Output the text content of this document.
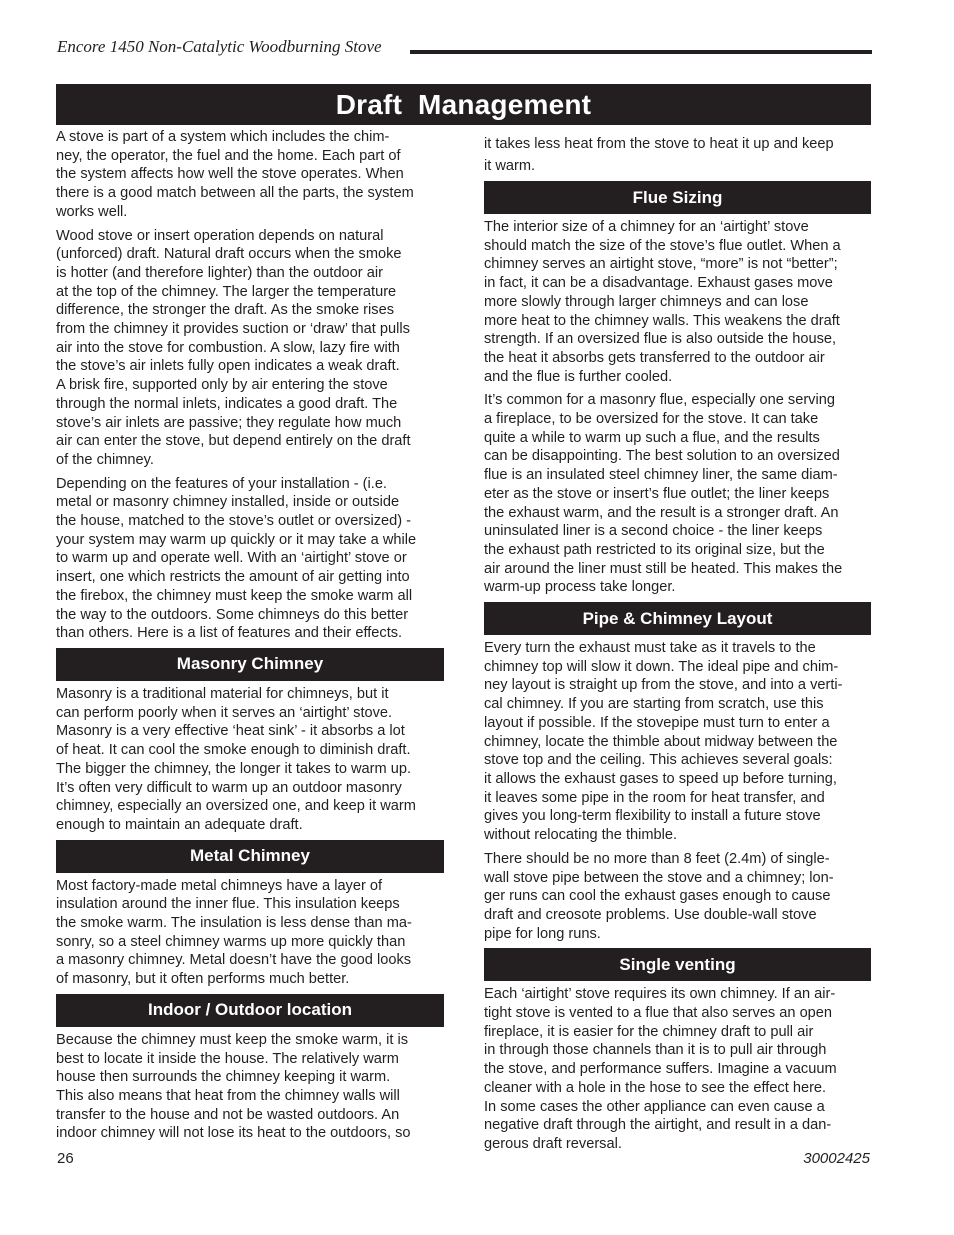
Encore 1450 Non-Catalytic Woodburning Stove
Draft  Management
A stove is part of a system which includes the chim-
ney, the operator, the fuel and the home. Each part of
the system affects how well the stove operates. When
there is a good match between all the parts, the system
works well.
Wood stove or insert operation depends on natural
(unforced) draft. Natural draft occurs when the smoke
is hotter (and therefore lighter) than the outdoor air
at the top of the chimney. The larger the temperature
difference, the stronger the draft. As the smoke rises
from the chimney it provides suction or ‘draw’ that pulls
air into the stove for combustion. A slow, lazy fire with
the stove’s air inlets fully open indicates a weak draft.
A brisk fire, supported only by air entering the stove
through the normal inlets, indicates a good draft. The
stove’s air inlets are passive; they regulate how much
air can enter the stove, but depend entirely on the draft
of the chimney.
Depending on the features of your installation - (i.e.
metal or masonry chimney installed, inside or outside
the house, matched to the stove’s outlet or oversized) -
your system may warm up quickly or it may take a while
to warm up and operate well. With an ‘airtight’ stove or
insert, one which restricts the amount of air getting into
the firebox, the chimney must keep the smoke warm all
the way to the outdoors. Some chimneys do this better
than others. Here is a list of features and their effects.
Masonry Chimney
Masonry is a traditional material for chimneys, but it
can perform poorly when it serves an ‘airtight’ stove.
Masonry is a very effective ‘heat sink’ - it absorbs a lot
of heat. It can cool the smoke enough to diminish draft.
The bigger the chimney, the longer it takes to warm up.
It’s often very difficult to warm up an outdoor masonry
chimney, especially an oversized one, and keep it warm
enough to maintain an adequate draft.
Metal Chimney
Most factory-made metal chimneys have a layer of
insulation around the inner flue. This insulation keeps
the smoke warm. The insulation is less dense than ma-
sonry, so a steel chimney warms up more quickly than
a masonry chimney. Metal doesn’t have the good looks
of masonry, but it often performs much better.
Indoor / Outdoor location
Because the chimney must keep the smoke warm, it is
best to locate it inside the house. The relatively warm
house then surrounds the chimney keeping it warm.
This also means that heat from the chimney walls will
transfer to the house and not be wasted outdoors. An
indoor chimney will not lose its heat to the outdoors, so
it takes less heat from the stove to heat it up and keep
it warm.
Flue Sizing
The interior size of a chimney for an ‘airtight’ stove
should match the size of the stove’s flue outlet. When a
chimney serves an airtight stove, “more” is not “better”;
in fact, it can be a disadvantage. Exhaust gases move
more slowly through larger chimneys and can lose
more heat to the chimney walls. This weakens the draft
strength. If an oversized flue is also outside the house,
the heat it absorbs gets transferred to the outdoor air
and the flue is further cooled.
It’s common for a masonry flue, especially one serving
a fireplace, to be oversized for the stove. It can take
quite a while to warm up such a flue, and the results
can be disappointing. The best solution to an oversized
flue is an insulated steel chimney liner, the same diam-
eter as the stove or insert’s flue outlet; the liner keeps
the exhaust warm, and the result is a stronger draft. An
uninsulated liner is a second choice - the liner keeps
the exhaust path restricted to its original size, but the
air around the liner must still be heated. This makes the
warm-up process take longer.
Pipe & Chimney Layout
Every turn the exhaust must take as it travels to the
chimney top will slow it down. The ideal pipe and chim-
ney layout is straight up from the stove, and into a verti-
cal chimney. If you are starting from scratch, use this
layout if possible. If the stovepipe must turn to enter a
chimney, locate the thimble about midway between the
stove top and the ceiling. This achieves several goals:
it allows the exhaust gases to speed up before turning,
it leaves some pipe in the room for heat transfer, and
gives you long-term flexibility to install a future stove
without relocating the thimble.
There should be no more than 8 feet (2.4m) of single-
wall stove pipe between the stove and a chimney; lon-
ger runs can cool the exhaust gases enough to cause
draft and creosote problems. Use double-wall stove
pipe for long runs.
Single venting
Each ‘airtight’ stove requires its own chimney. If an air-
tight stove is vented to a flue that also serves an open
fireplace, it is easier for the chimney draft to pull air
in through those channels than it is to pull air through
the stove, and performance suffers. Imagine a vacuum
cleaner with a hole in the hose to see the effect here.
In some cases the other appliance can even cause a
negative draft through the airtight, and result in a dan-
gerous draft reversal.
26	30002425
